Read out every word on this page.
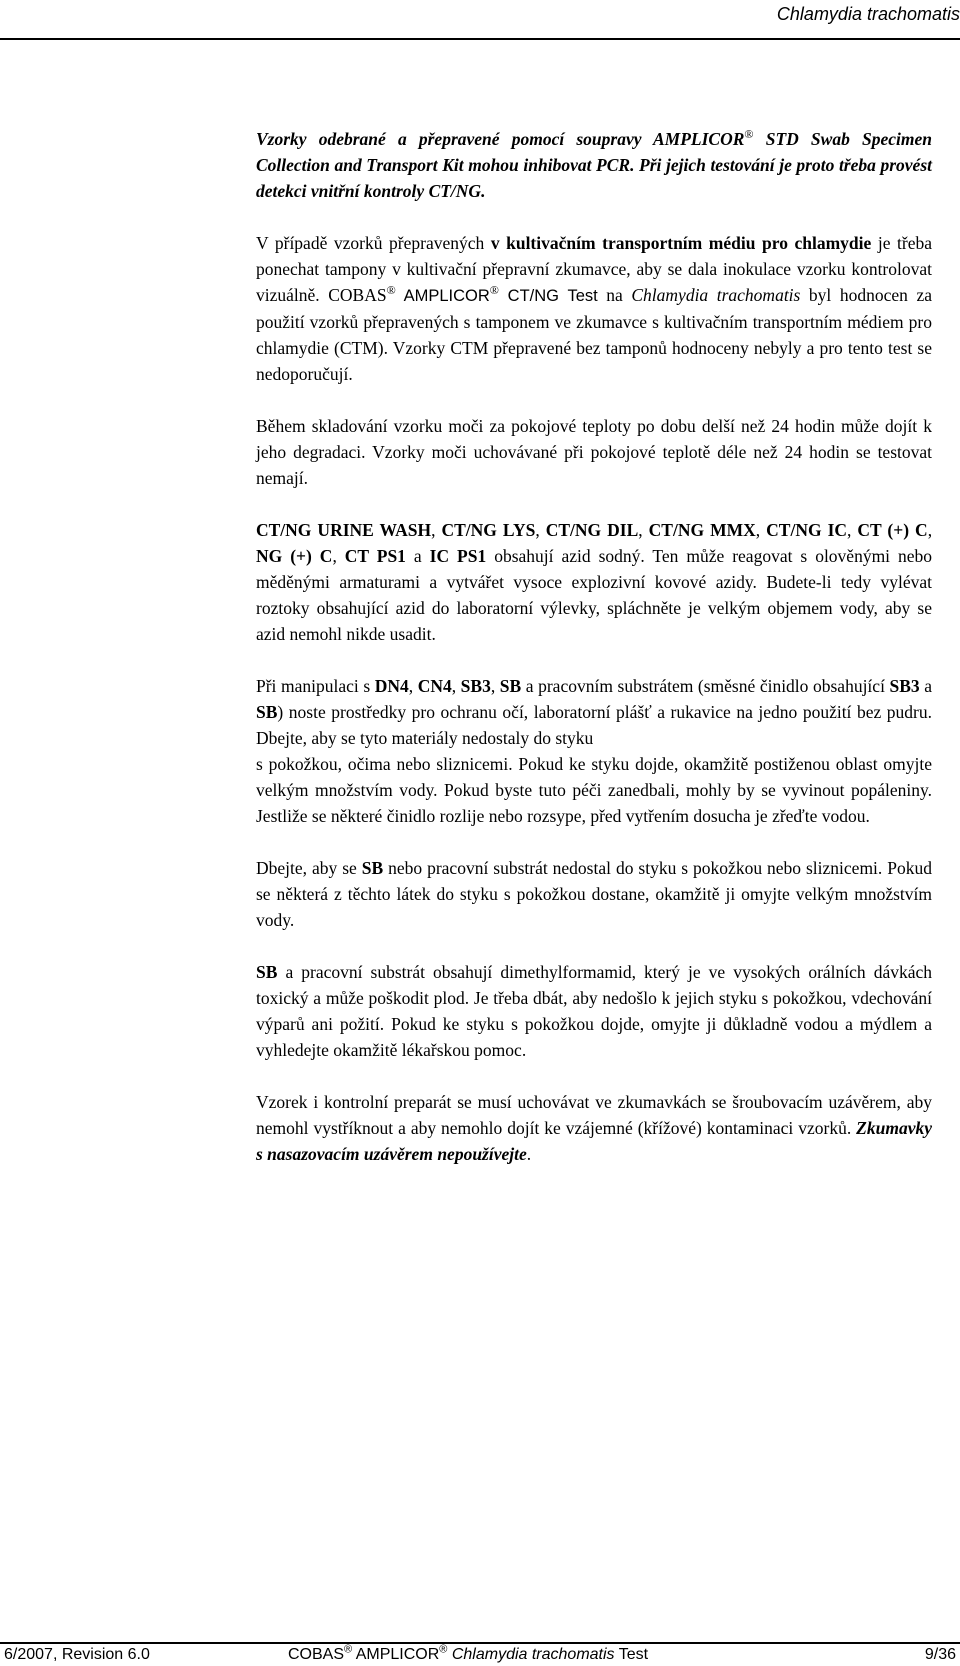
Chlamydia trachomatis

Vzorky odebrané a přepravené pomocí soupravy AMPLICOR® STD Swab Specimen Collection and Transport Kit mohou inhibovat PCR. Při jejich testování je proto třeba provést detekci vnitřní kontroly CT/NG.

V případě vzorků přepravených v kultivačním transportním médiu pro chlamydie je třeba ponechat tampony v kultivační přepravní zkumavce, aby se dala inokulace vzorku kontrolovat vizuálně. COBAS® AMPLICOR® CT/NG Test na Chlamydia trachomatis byl hodnocen za použití vzorků přepravených s tamponem ve zkumavce s kultivačním transportním médiem pro chlamydie (CTM). Vzorky CTM přepravené bez tamponů hodnoceny nebyly a pro tento test se nedoporučují.

Během skladování vzorku moči za pokojové teploty po dobu delší než 24 hodin může dojít k jeho degradaci. Vzorky moči uchovávané při pokojové teplotě déle než 24 hodin se testovat nemají.

CT/NG URINE WASH, CT/NG LYS, CT/NG DIL, CT/NG MMX, CT/NG IC, CT (+) C, NG (+) C, CT PS1 a IC PS1 obsahují azid sodný. Ten může reagovat s olověnými nebo měděnými armaturami a vytvářet vysoce explozivní kovové azidy. Budete-li tedy vylévat roztoky obsahující azid do laboratorní výlevky, spláchněte je velkým objemem vody, aby se azid nemohl nikde usadit.

Při manipulaci s DN4, CN4, SB3, SB a pracovním substrátem (směsné činidlo obsahující SB3 a SB) noste prostředky pro ochranu očí, laboratorní plášť a rukavice na jedno použití bez pudru. Dbejte, aby se tyto materiály nedostaly do styku
s pokožkou, očima nebo sliznicemi. Pokud ke styku dojde, okamžitě postiženou oblast omyjte velkým množstvím vody. Pokud byste tuto péči zanedbali, mohly by se vyvinout popáleniny. Jestliže se některé činidlo rozlije nebo rozsype, před vytřením dosucha je zřeďte vodou.

Dbejte, aby se SB nebo pracovní substrát nedostal do styku s pokožkou nebo sliznicemi. Pokud se některá z těchto látek do styku s pokožkou dostane, okamžitě ji omyjte velkým množstvím vody.

SB a pracovní substrát obsahují dimethylformamid, který je ve vysokých orálních dávkách toxický a může poškodit plod. Je třeba dbát, aby nedošlo k jejich styku s pokožkou, vdechování výparů ani požití. Pokud ke styku s pokožkou dojde, omyjte ji důkladně vodou a mýdlem a vyhledejte okamžitě lékařskou pomoc.

Vzorek i kontrolní preparát se musí uchovávat ve zkumavkách se šroubovacím uzávěrem, aby nemohl vystříknout a aby nemohlo dojít ke vzájemné (křížové) kontaminaci vzorků. Zkumavky s nasazovacím uzávěrem nepoužívejte.

6/2007, Revision 6.0	COBAS® AMPLICOR® Chlamydia trachomatis Test	9/36
